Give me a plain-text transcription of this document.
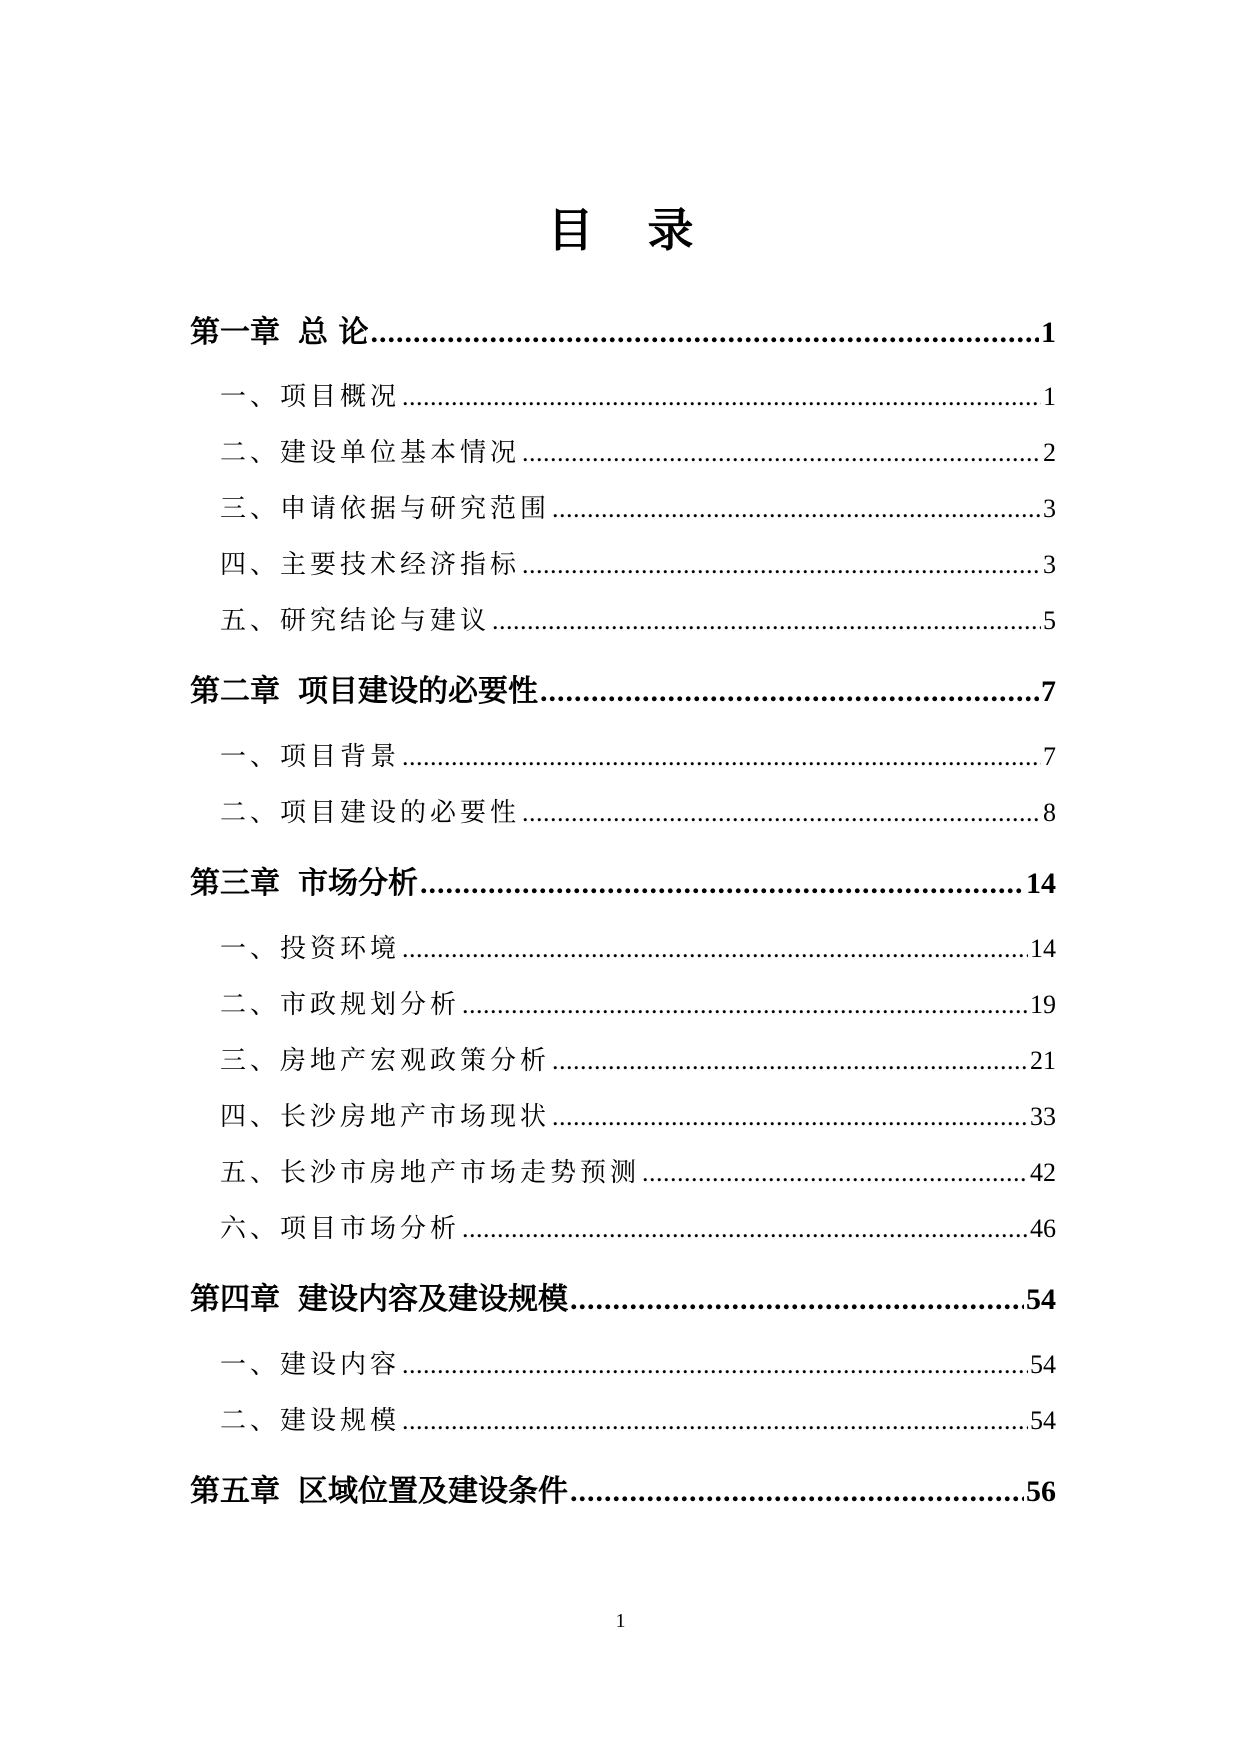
目 录
第一章 总 论 .....	1
一、项目概况 .....	1
二、建设单位基本情况 .....	2
三、申请依据与研究范围 .....	3
四、主要技术经济指标 .....	3
五、研究结论与建议 .....	5
第二章 项目建设的必要性 .....	7
一、项目背景 .....	7
二、项目建设的必要性 .....	8
第三章 市场分析 .....	14
一、投资环境 .....	14
二、市政规划分析 .....	19
三、房地产宏观政策分析 .....	21
四、长沙房地产市场现状 .....	33
五、长沙市房地产市场走势预测 .....	42
六、项目市场分析 .....	46
第四章 建设内容及建设规模 .....	54
一、建设内容 .....	54
二、建设规模 .....	54
第五章 区域位置及建设条件 .....	56
1
